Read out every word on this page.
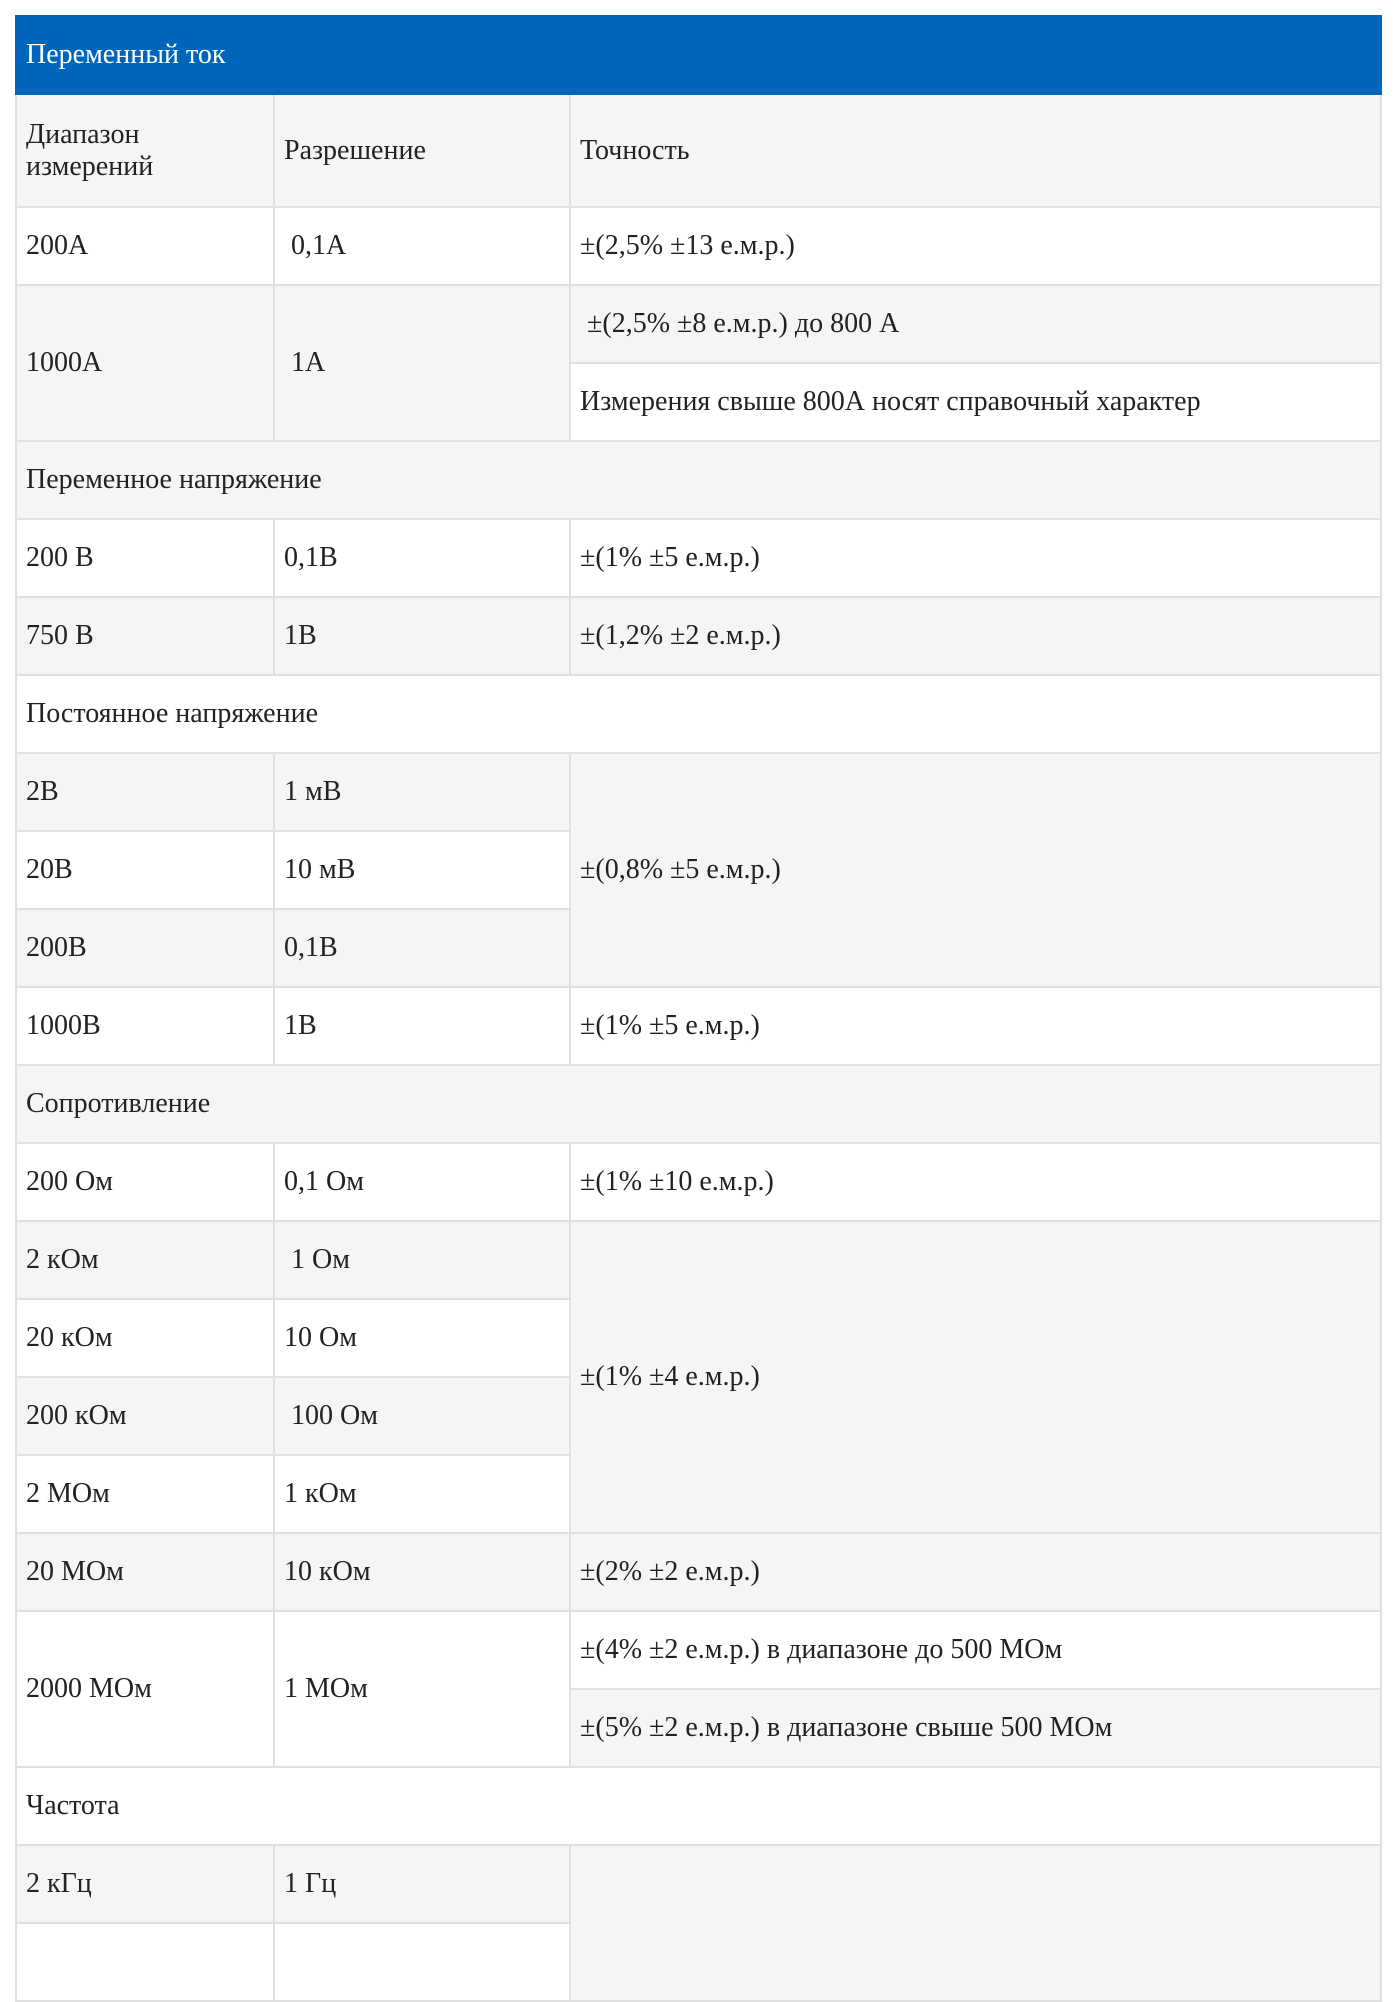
Переменный ток		
Диапазон измерений	Разрешение	Точность
200A	0,1A	±(2,5% ±13 е.м.р.)
1000A	1A	±(2,5% ±8 е.м.р.) до 800 А
		Измерения свыше 800А носят справочный характер
Переменное напряжение		
200 В	0,1В	±(1% ±5 е.м.р.)
750 В	1В	±(1,2% ±2 е.м.р.)
Постоянное напряжение		
2В	1 мВ	±(0,8% ±5 е.м.р.)
20В	10 мВ	
200В	0,1В	
1000В	1В	±(1% ±5 е.м.р.)
Сопротивление		
200 Ом	0,1 Ом	±(1% ±10 е.м.р.)
2 кОм	1 Ом	±(1% ±4 е.м.р.)
20 кОм	10 Ом	
200 кОм	100 Ом	
2 МОм	1 кОм	
20 МОм	10 кОм	±(2% ±2 е.м.р.)
2000 МОм	1 МОм	±(4% ±2 е.м.р.) в диапазоне до 500 МОм
		±(5% ±2 е.м.р.) в диапазоне свыше 500 МОм
Частота		
2 кГц	1 Гц	
